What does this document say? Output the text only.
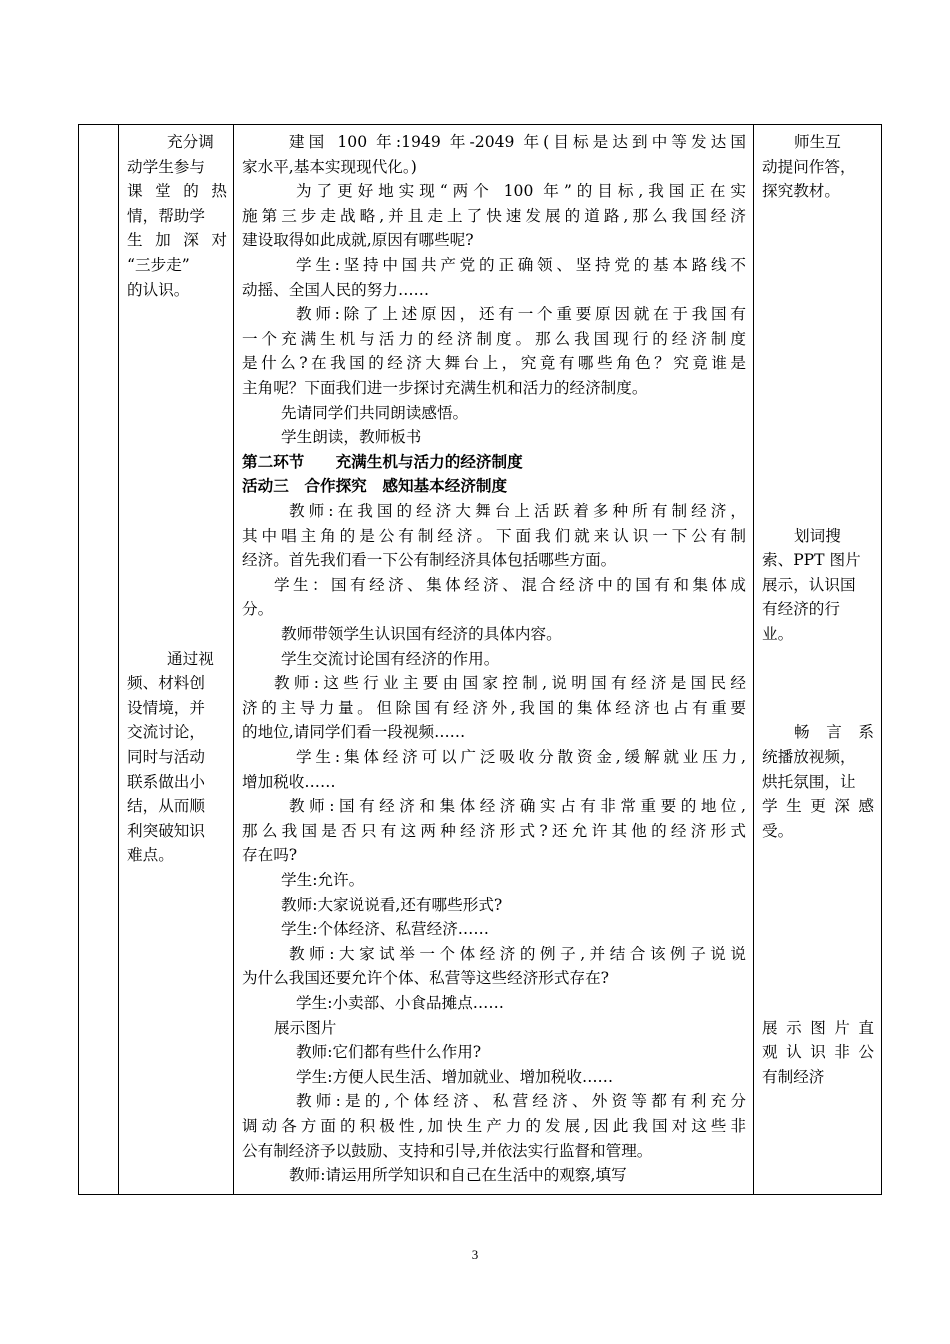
充分调
动学生参与
课 堂 的 热
情，帮助学
生 加 深 对
“三步走”
的认识。
通过视
频、材料创
设情境，并
交流讨论，
同时与活动
联系做出小
结，从而顺
利突破知识
难点。
建国 100 年:1949 年-2049 年(目标是达到中等发达国
家水平,基本实现现代化。)
为了更好地实现“两个 100 年”的目标,我国正在实
施第三步走战略,并且走上了快速发展的道路,那么我国经济
建设取得如此成就,原因有哪些呢?
学生:坚持中国共产党的正确领、坚持党的基本路线不
动摇、全国人民的努力……
教师:除了上述原因，还有一个重要原因就在于我国有
一个充满生机与活力的经济制度。那么我国现行的经济制度
是什么?在我国的经济大舞台上，究竟有哪些角色？究竟谁是
主角呢？下面我们进一步探讨充满生机和活力的经济制度。
先请同学们共同朗读感悟。
学生朗读，教师板书
第二环节　　充满生机与活力的经济制度
活动三　合作探究　感知基本经济制度
教师:在我国的经济大舞台上活跃着多种所有制经济，
其中唱主角的是公有制经济。下面我们就来认识一下公有制
经济。首先我们看一下公有制经济具体包括哪些方面。
学生：国有经济、集体经济、混合经济中的国有和集体成
分。
教师带领学生认识国有经济的具体内容。
学生交流讨论国有经济的作用。
教师:这些行业主要由国家控制,说明国有经济是国民经
济的主导力量。但除国有经济外,我国的集体经济也占有重要
的地位,请同学们看一段视频……
学生:集体经济可以广泛吸收分散资金,缓解就业压力,
增加税收……
教师:国有经济和集体经济确实占有非常重要的地位,
那么我国是否只有这两种经济形式?还允许其他的经济形式
存在吗?
学生:允许。
教师:大家说说看,还有哪些形式?
学生:个体经济、私营经济……
教师:大家试举一个体经济的例子,并结合该例子说说
为什么我国还要允许个体、私营等这些经济形式存在?
学生:小卖部、小食品摊点……
展示图片
教师:它们都有些什么作用?
学生:方便人民生活、增加就业、增加税收……
教师:是的,个体经济、私营经济、外资等都有利充分
调动各方面的积极性,加快生产力的发展,因此我国对这些非
公有制经济予以鼓励、支持和引导,并依法实行监督和管理。
教师:请运用所学知识和自己在生活中的观察,填写
师生互
动提问作答，
探究教材。
划词搜
索、PPT 图片
展示，认识国
有经济的行
业。
畅 言 系
统播放视频，
烘托氛围，让
学 生 更 深 感
受。
展 示 图 片 直
观 认 识 非 公
有制经济
3
